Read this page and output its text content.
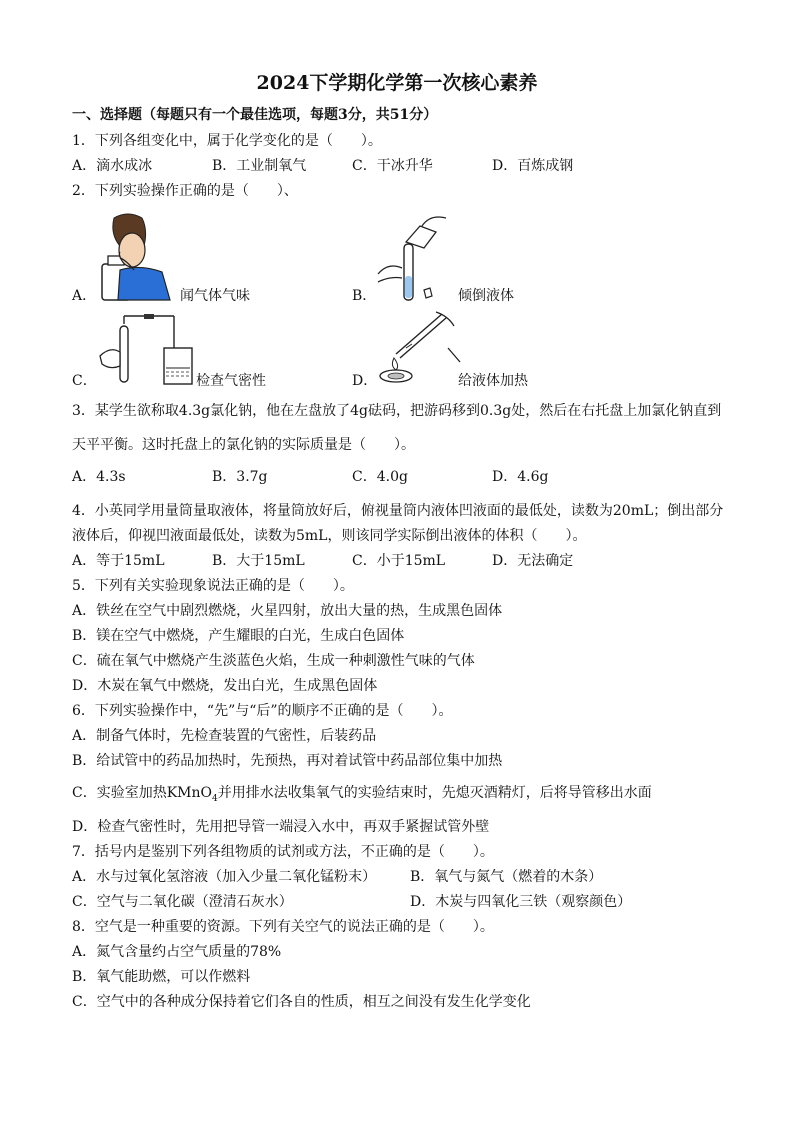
2024下学期化学第一次核心素养
一、选择题（每题只有一个最佳选项，每题3分，共51分）
1．下列各组变化中，属于化学变化的是（　　）。
A．滴水成冰	B．工业制氧气	C．干冰升华	D．百炼成钢
2．下列实验操作正确的是（　　）、
A．	闻气体气味	B．	倾倒液体
C．	检查气密性	D．	给液体加热
3．某学生欲称取4.3g氯化钠，他在左盘放了4g砝码，把游码移到0.3g处，然后在右托盘上加氯化钠直到
天平平衡。这时托盘上的氯化钠的实际质量是（　　）。
A．4.3s	B．3.7g	C．4.0g	D．4.6g
4．小英同学用量筒量取液体，将量筒放好后，俯视量筒内液体凹液面的最低处，读数为20mL；倒出部分
液体后，仰视凹液面最低处，读数为5mL，则该同学实际倒出液体的体积（　　）。
A．等于15mL	B．大于15mL	C．小于15mL	D．无法确定
5．下列有关实验现象说法正确的是（　　）。
A．铁丝在空气中剧烈燃烧，火星四射，放出大量的热，生成黑色固体
B．镁在空气中燃烧，产生耀眼的白光，生成白色固体
C．硫在氧气中燃烧产生淡蓝色火焰，生成一种刺激性气味的气体
D．木炭在氧气中燃烧，发出白光，生成黑色固体
6．下列实验操作中，“先”与“后”的顺序不正确的是（　　）。
A．制备气体时，先检查装置的气密性，后装药品
B．给试管中的药品加热时，先预热，再对着试管中药品部位集中加热
C．实验室加热KMnO$_4$并用排水法收集氧气的实验结束时，先熄灭酒精灯，后将导管移出水面
D．检查气密性时，先用把导管一端浸入水中，再双手紧握试管外壁
7．括号内是鉴别下列各组物质的试剂或方法，不正确的是（　　）。
A．水与过氧化氢溶液（加入少量二氧化锰粉末） B．氧气与氮气（燃着的木条）
C．空气与二氧化碳（澄清石灰水）	D．木炭与四氧化三铁（观察颜色）
8．空气是一种重要的资源。下列有关空气的说法正确的是（　　）。
A．氮气含量约占空气质量的78%
B．氧气能助燃，可以作燃料
C．空气中的各种成分保持着它们各自的性质，相互之间没有发生化学变化
